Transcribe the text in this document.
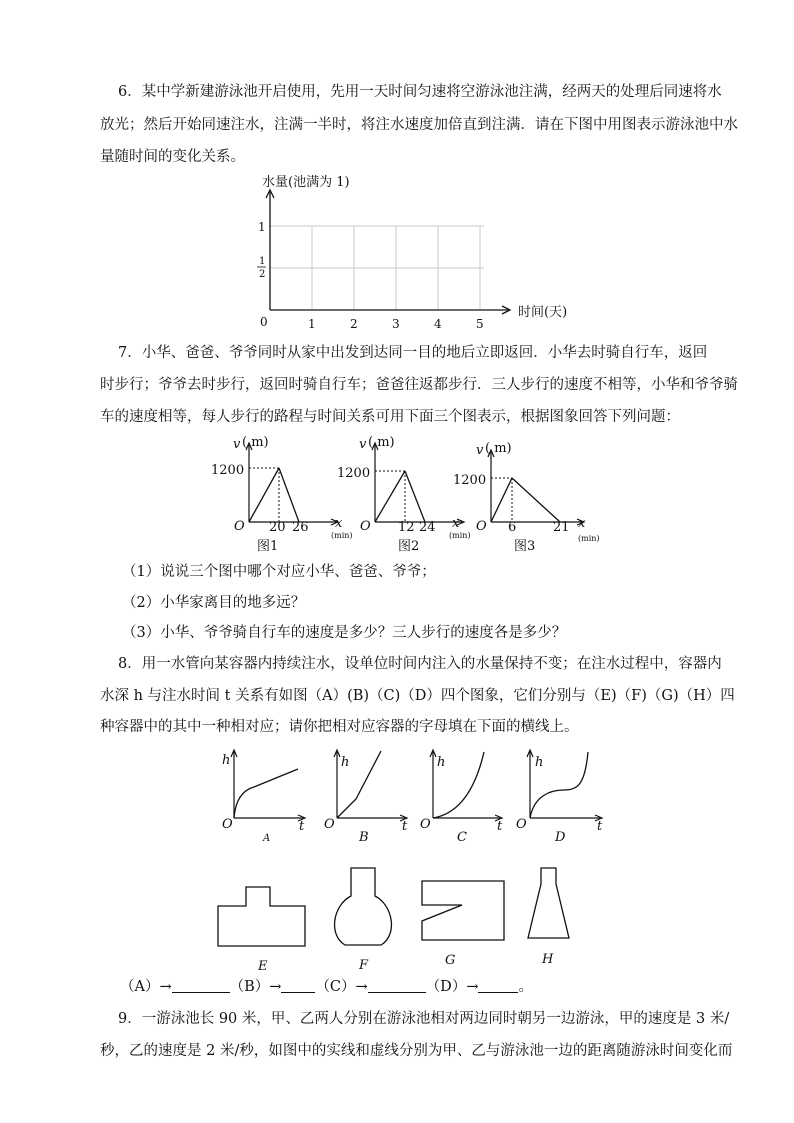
6．某中学新建游泳池开启使用，先用一天时间匀速将空游泳池注满，经两天的处理后同速将水
放光；然后开始同速注水，注满一半时，将注水速度加倍直到注满．请在下图中用图表示游泳池中水
量随时间的变化关系。
水量(池满为 1)
时间(天)
0	1	2	3	4	5
1
1
2
7．小华、爸爸、爷爷同时从家中出发到达同一目的地后立即返回．小华去时骑自行车，返回
时步行；爷爷去时步行，返回时骑自行车；爸爸往返都步行．三人步行的速度不相等，小华和爷爷骑
车的速度相等，每人步行的路程与时间关系可用下面三个图表示，根据图象回答下列问题：
v ( m)
1200
O 20 26 x
(min)
图1
v ( m)
1200
O 12 24 x
(min)
图2
v ( m)
1200
O 6	21 x
(min)
图3
（1）说说三个图中哪个对应小华、爸爸、爷爷；
（2）小华家离目的地多远？
（3）小华、爷爷骑自行车的速度是多少？三人步行的速度各是多少？
8．用一水管向某容器内持续注水，设单位时间内注入的水量保持不变；在注水过程中，容器内
水深 h 与注水时间 t 关系有如图（A）(B)（C)（D）四个图象，它们分别与（E)（F)（G)（H）四
种容器中的其中一种相对应；请你把相对应容器的字母填在下面的横线上。
h
O	t
A
h
O	t
B
h
O	t
C
h
O	t
D
E	F	G	H
（A）→	（B）→ （C）→	（D）→	。
9．一游泳池长 90 米，甲、乙两人分别在游泳池相对两边同时朝另一边游泳，甲的速度是 3 米/
秒，乙的速度是 2 米/秒，如图中的实线和虚线分别为甲、乙与游泳池一边的距离随游泳时间变化而
